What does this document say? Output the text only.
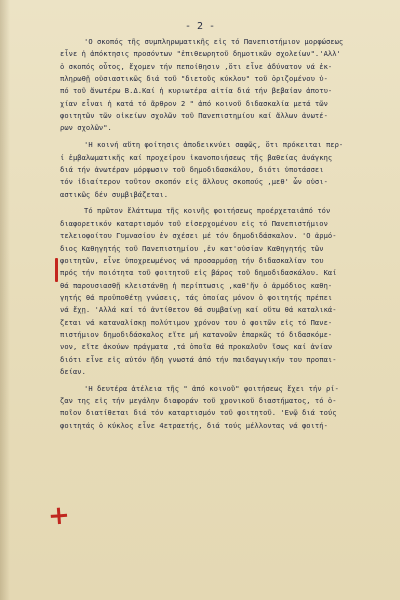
- 2 -
'Ο σκοπός τῆς συμπληρωματικῆς εἰς τό Πανεπιστήμιον μορφώσεως
εἶνε ἡ ἀπόκτησις προσόντων "ἐπιθεωρητοῦ δημοτικῶν σχολείων".'Αλλ'
ὁ σκοπός οὗτος, ἔχομεν τήν πεποίθησιν ,ὅτι εἶνε ἀδύνατον νά ἐκ-
πληρωθῇ οὐσιαστικῶς διά τοῦ "διετοῦς κύκλου" τοῦ ὁριζομένου ὑ-
πό τοῦ ἄνωτέρω Β.Δ.Καί ἡ κυριωτέρα αἰτία διά τήν βεβαίαν ἀποτυ-
χίαν εἶναι ἡ κατά τό ἄρθρον 2 " ἀπό κοινοῦ διδασκαλία μετά τῶν
φοιτητῶν τῶν οἰκείων σχολῶν τοῦ Πανεπιστημίου καί ἄλλων ἀνωτέ-
ρων σχολῶν".
'Η κοινή αὕτη φοίτησις ἀποδεικνύει σαφῶς, ὅτι πρόκειται περ-
ί ἐμβαλωματικῆς καί προχείρου ἱκανοποιήσεως τῆς βαθείας ἀνάγκης
διά τήν ἀνωτέραν μόρφωσιν τοῦ δημοδιδασκάλου, διότι ὑποτάσσει
τόν ἰδιαίτερον τοῦτον σκοπόν εἰς ἄλλους σκοπούς ,μεθ' ὧν οὐσι-
αστικῶς δέν συμβιβάζεται.
Τό πρῶτον ἔλάττωμα τῆς κοινῆς φοιτήσεως προέρχεταιἀπό τόν
διαφορετικόν καταρτισμόν τοῦ εἰσερχομένου εἰς τό Πανεπιστήμιον
τελειοφοίτου Γυμνασίου ἐν σχέσει μέ τόν δημοδιδάσκαλον. 'Ο ἀρμό-
διος Καθηγητής τοῦ Πανεπιστημίου ,ἐν κατ'οὐσίαν Καθηγητής τῶν
φοιτητῶν, εἶνε ὑποχρεωμένος νά προσαρμόσῃ τήν διδασκαλίαν του
πρός τήν ποιότητα τοῦ φοιτητοῦ εἰς βάρος τοῦ δημοδιδασκάλου. Καί
θά παρουσιασθῇ κλειστάνθῃ ἡ περίπτωσις ,καθ'ἥν ὁ ἀρμόδιος καθη-
γητής θά προϋποθέτῃ γνώσεις, τάς ὁποίας μόνον ὁ φοιτητής πρέπει
νά ἔχῃ. 'Αλλά καί τό ἀντίθετον θά συμβαίνῃ καί οὕτω θά καταλικά-
ζεται νά καταναλίσκῃ πολύτιμον χρόνον του ὁ φοιτῶν εἰς τό Πανε-
πιστήμιον δημοδιδάσκαλος εἴτε μή κατανοῶν ἐπαρκῶς τό διδασκόμε-
νον, εἴτε ἀκούων πράγματα ,τά ὁποῖα θά προκαλοῦν ἴσως καί ἀνίαν
διότι εἶνε εἰς αὐτόν ἤδη γνωστά ἀπό τήν παιδαγωγικήν του προπαι-
δείαν.
'Η δευτέρα ἀτέλεια τῆς " ἀπό κοινοῦ" φοιτήσεως ἔχει τήν ρί-
ζαν της εἰς τήν μεγάλην διαφοράν τοῦ χρονικοῦ διαστήματος, τό ὁ-
ποῖον διατίθεται διά τόν καταρτισμόν τοῦ φοιτητοῦ. 'Ενῷ διά τούς
φοιτητάς ὁ κύκλος εἶνε 4ετραετής, διά τούς μέλλοντας νά φοιτή-
+
